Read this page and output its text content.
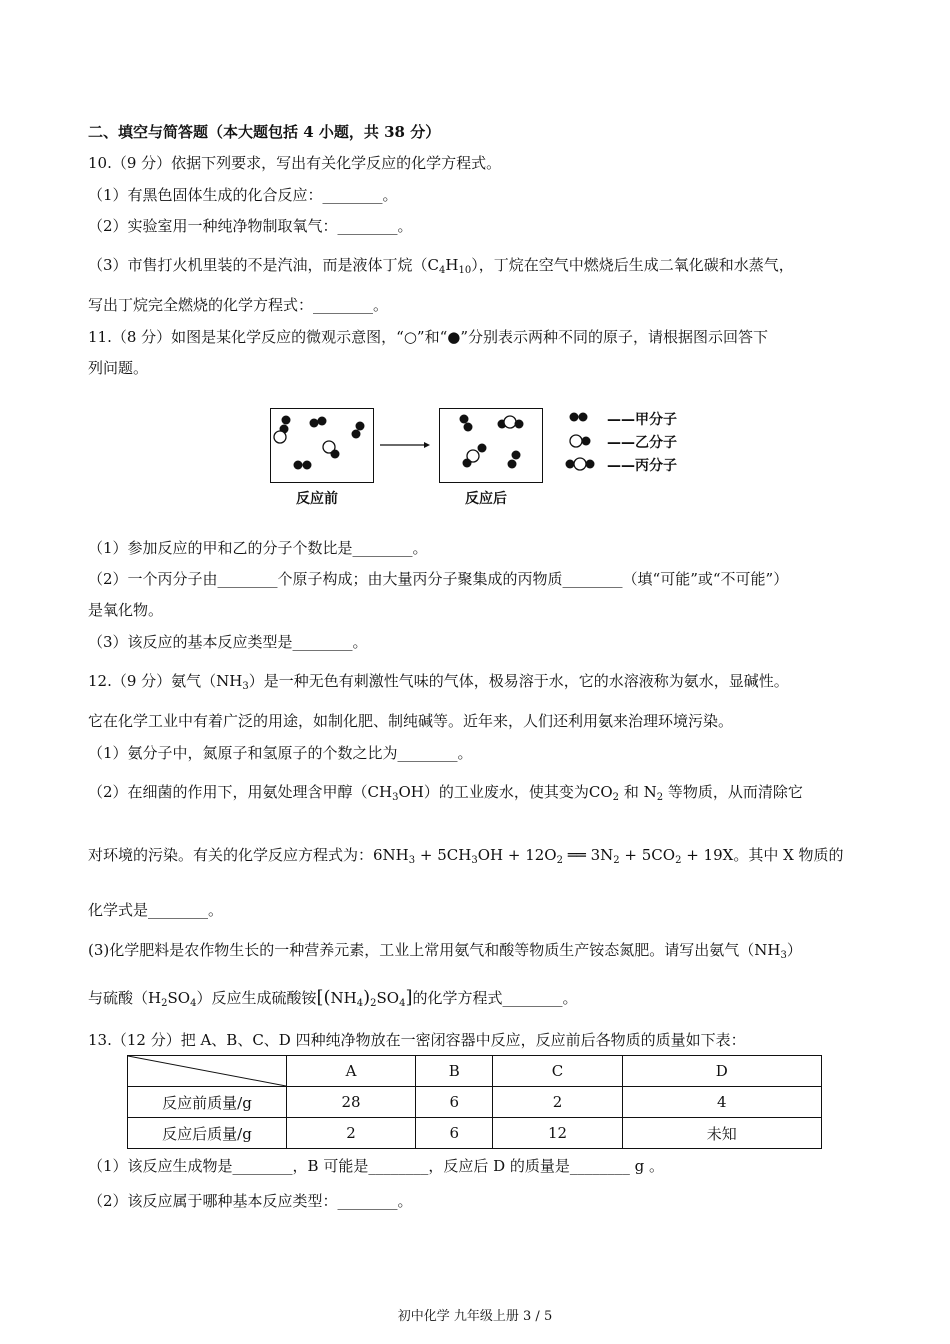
二、填空与简答题（本大题包括 4 小题，共 38 分）
10.（9 分）依据下列要求，写出有关化学反应的化学方程式。
（1）有黑色固体生成的化合反应：________。
（2）实验室用一种纯净物制取氧气：________。
（3）市售打火机里装的不是汽油，而是液体丁烷$(C_4H_{10})$，丁烷在空气中燃烧后生成二氧化碳和水蒸气，
写出丁烷完全燃烧的化学方程式：________。
11.（8 分）如图是某化学反应的微观示意图，“○”和“●”分别表示两种不同的原子，请根据图示回答下
列问题。
反应前	反应后
——甲分子
——乙分子
——丙分子
（1）参加反应的甲和乙的分子个数比是________。
（2）一个丙分子由________个原子构成；由大量丙分子聚集成的丙物质________（填“可能”或“不可能”）
是氧化物。
（3）该反应的基本反应类型是________。
12.（9 分）氨气$(NH_3)$是一种无色有刺激性气味的气体，极易溶于水，它的水溶液称为氨水，显碱性。
它在化学工业中有着广泛的用途，如制化肥、制纯碱等。近年来，人们还利用氨来治理环境污染。
（1）氨分子中，氮原子和氢原子的个数之比为________。
（2）在细菌的作用下，用氨处理含甲醇$(CH_3OH)$的工业废水，使其变为$CO_2$ 和 $N_2$ 等物质，从而清除它
对环境的污染。有关的化学反应方程式为：$6NH_3 + 5CH_3OH + 12O_2$ ══ $3N_2 + 5CO_2 + 19X$。其中 X 物质的
化学式是________。
(3)化学肥料是农作物生长的一种营养元素，工业上常用氨气和酸等物质生产铵态氮肥。请写出氨气$(NH_3)$
与硫酸$(H_2SO_4)$反应生成硫酸铵$[(NH_4)_2SO_4]$的化学方程式________。
13.（12 分）把 A、B、C、D 四种纯净物放在一密闭容器中反应，反应前后各物质的质量如下表：
	A	B	C	D
反应前质量/g	28	6	2	4
反应后质量/g	2	6	12	未知
（1）该反应生成物是________，B 可能是________，反应后 D 的质量是________ g 。
（2）该反应属于哪种基本反应类型：________。
初中化学 九年级上册 3 / 5
